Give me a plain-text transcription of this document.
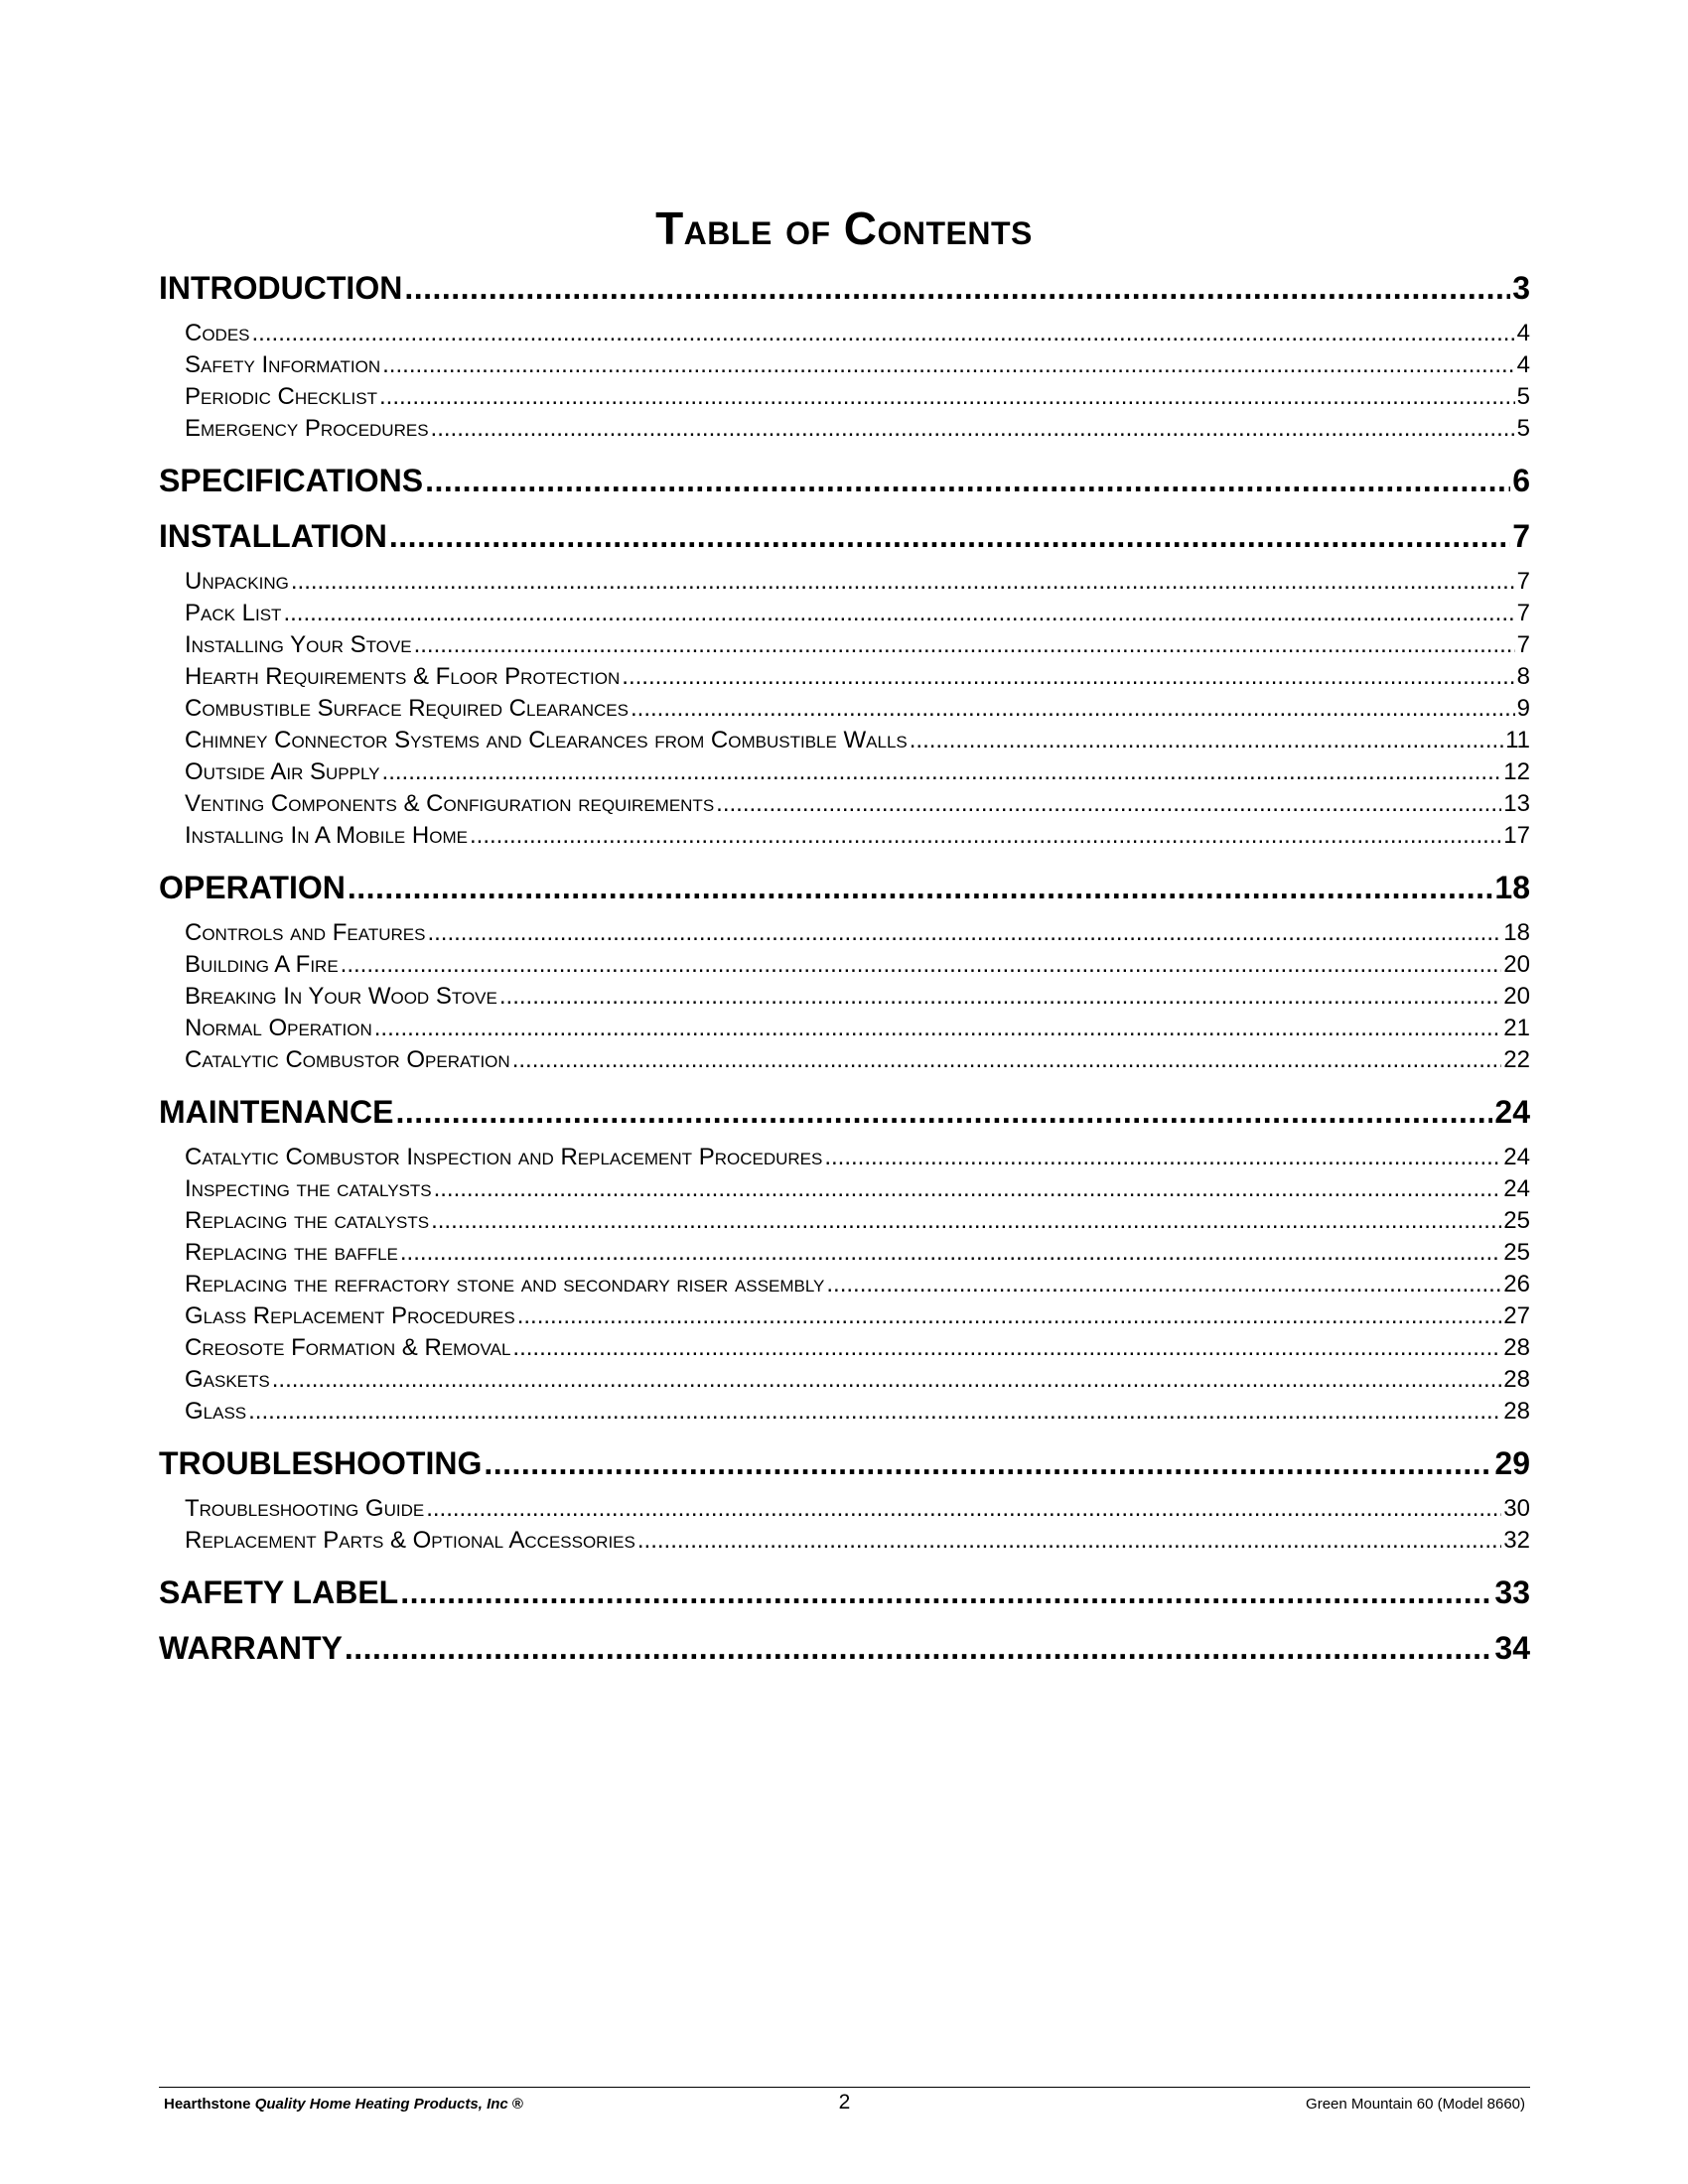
Table of Contents
INTRODUCTION .....	3
Codes .....	4
Safety Information .....	4
Periodic Checklist .....	5
Emergency Procedures .....	5
SPECIFICATIONS .....	6
INSTALLATION .....	7
Unpacking .....	7
Pack List .....	7
Installing Your Stove .....	7
Hearth Requirements & Floor Protection .....	8
Combustible Surface Required Clearances .....	9
Chimney Connector Systems and Clearances from Combustible Walls .....	11
Outside Air Supply .....	12
Venting Components & Configuration requirements .....	13
Installing In A Mobile Home .....	17
OPERATION .....	18
Controls and Features .....	18
Building A Fire .....	20
Breaking In Your Wood Stove .....	20
Normal Operation .....	21
Catalytic Combustor Operation .....	22
MAINTENANCE .....	24
Catalytic Combustor Inspection and Replacement Procedures .....	24
Inspecting the catalysts .....	24
Replacing the catalysts .....	25
Replacing the baffle .....	25
Replacing the refractory stone and secondary riser assembly .....	26
Glass Replacement Procedures .....	27
Creosote Formation & Removal .....	28
Gaskets .....	28
Glass .....	28
TROUBLESHOOTING .....	29
Troubleshooting Guide .....	30
Replacement Parts & Optional Accessories .....	32
SAFETY LABEL .....	33
WARRANTY .....	34
Hearthstone Quality Home Heating Products, Inc ®	2	Green Mountain 60 (Model 8660)
